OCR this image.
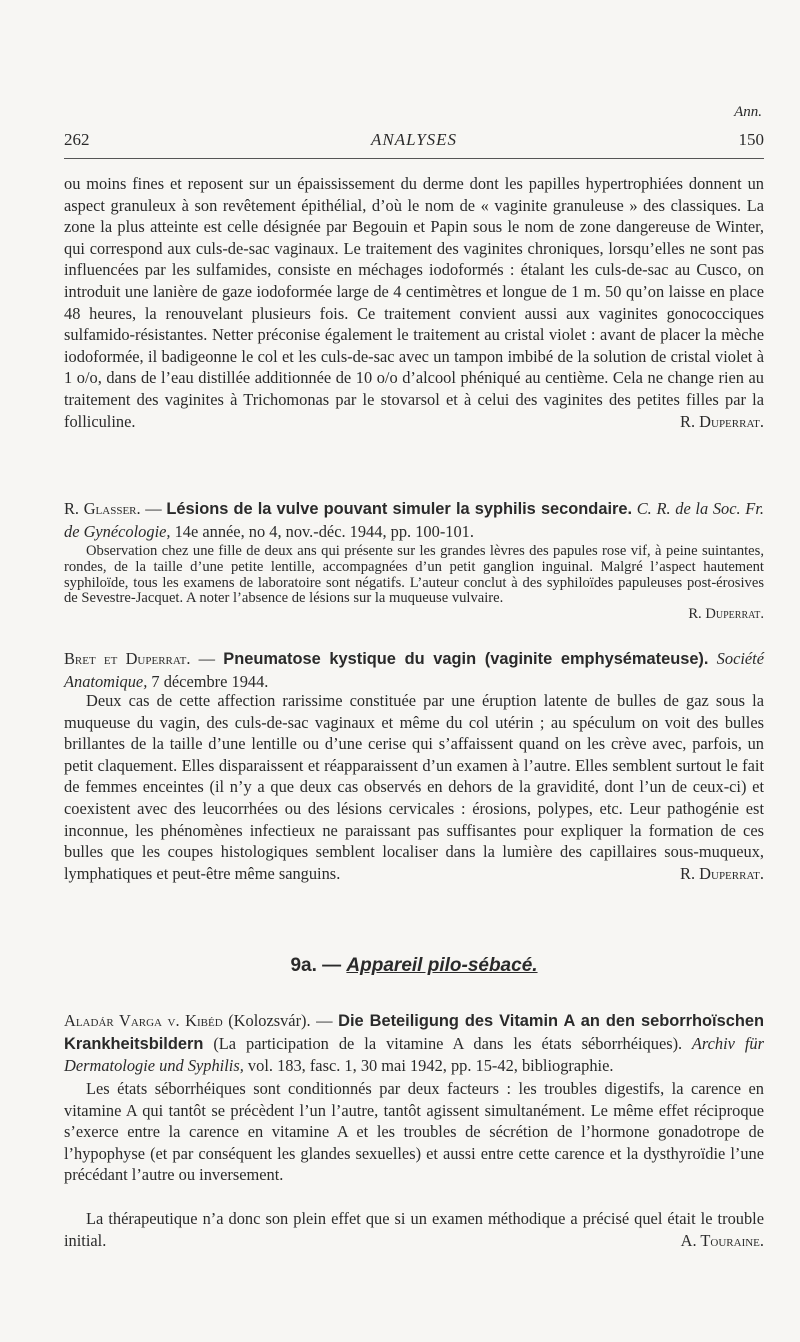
Ann.
262	ANALYSES	150

ou moins fines et reposent sur un épaississement du derme dont les papilles hypertrophiées donnent un aspect granuleux à son revêtement épithélial, d’où le nom de « vaginite granuleuse » des classiques. La zone la plus atteinte est celle désignée par Begouin et Papin sous le nom de zone dangereuse de Winter, qui correspond aux culs-de-sac vaginaux. Le traitement des vaginites chroniques, lorsqu’elles ne sont pas influencées par les sulfamides, consiste en méchages iodoformés : étalant les culs-de-sac au Cusco, on introduit une lanière de gaze iodoformée large de 4 centimètres et longue de 1 m. 50 qu’on laisse en place 48 heures, la renouvelant plusieurs fois. Ce traitement convient aussi aux vaginites gonococciques sulfamido-résistantes. Netter préconise également le traitement au cristal violet : avant de placer la mèche iodoformée, il badigeonne le col et les culs-de-sac avec un tampon imbibé de la solution de cristal violet à 1 o/o, dans de l’eau distillée additionnée de 10 o/o d’alcool phéniqué au centième. Cela ne change rien au traitement des vaginites à Trichomonas par le stovarsol et à celui des vaginites des petites filles par la folliculine.	R. Duperrat.

R. Glasser. — Lésions de la vulve pouvant simuler la syphilis secondaire. C. R. de la Soc. Fr. de Gynécologie, 14e année, no 4, nov.-déc. 1944, pp. 100-101.

Observation chez une fille de deux ans qui présente sur les grandes lèvres des papules rose vif, à peine suintantes, rondes, de la taille d’une petite lentille, accompagnées d’un petit ganglion inguinal. Malgré l’aspect hautement syphiloïde, tous les examens de laboratoire sont négatifs. L’auteur conclut à des syphiloïdes papuleuses post-érosives de Sevestre-Jacquet. A noter l’absence de lésions sur la muqueuse vulvaire.
R. Duperrat.

Bret et Duperrat. — Pneumatose kystique du vagin (vaginite emphysémateuse). Société Anatomique, 7 décembre 1944.

Deux cas de cette affection rarissime constituée par une éruption latente de bulles de gaz sous la muqueuse du vagin, des culs-de-sac vaginaux et même du col utérin ; au spéculum on voit des bulles brillantes de la taille d’une lentille ou d’une cerise qui s’affaissent quand on les crève avec, parfois, un petit claquement. Elles disparaissent et réapparaissent d’un examen à l’autre. Elles semblent surtout le fait de femmes enceintes (il n’y a que deux cas observés en dehors de la gravidité, dont l’un de ceux-ci) et coexistent avec des leucorrhées ou des lésions cervicales : érosions, polypes, etc. Leur pathogénie est inconnue, les phénomènes infectieux ne paraissant pas suffisantes pour expliquer la formation de ces bulles que les coupes histologiques semblent localiser dans la lumière des capillaires sous-muqueux, lymphatiques et peut-être même sanguins.	R. Duperrat.

9a. — Appareil pilo-sébacé.

Aladár Varga v. Kibéd (Kolozsvár). — Die Beteiligung des Vitamin A an den seborrhoïschen Krankheitsbildern (La participation de la vitamine A dans les états séborrhéiques). Archiv für Dermatologie und Syphilis, vol. 183, fasc. 1, 30 mai 1942, pp. 15-42, bibliographie.

Les états séborrhéiques sont conditionnés par deux facteurs : les troubles digestifs, la carence en vitamine A qui tantôt se précèdent l’un l’autre, tantôt agissent simultanément. Le même effet réciproque s’exerce entre la carence en vitamine A et les troubles de sécrétion de l’hormone gonadotrope de l’hypophyse (et par conséquent les glandes sexuelles) et aussi entre cette carence et la dysthyroïdie l’une précédant l’autre ou inversement.

La thérapeutique n’a donc son plein effet que si un examen méthodique a précisé quel était le trouble initial.	A. Touraine.
